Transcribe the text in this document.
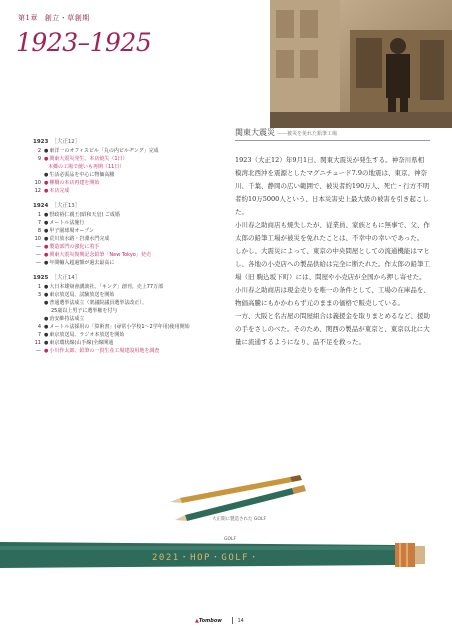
第1章 創立・草創期
1923–1925
1923 ［大正12］
2	● 東洋一のオフィスビル「丸の内ビルヂング」完成
9	● 関東大震災発生。本店焼失（1日）
本郷の工場で焼いも再開（11日）
● 生活必需品を中心に物価高騰
10	● 柳橋の本店再建を開始
12	● 本店完成
1924 ［大正13］
1	● 摂政裕仁親王(昭和天皇) ご成婚
7	● メートル法施行
8	● 甲子園球場オープン
10	● 荒川放水路・岩淵水門完成
—	● 製造部門の強化に着手
—	● 関東大震災復興記念鉛筆「New Tokyo」発売
—	● 年間輸入超過額が過去最高に
1925 ［大正14］
1	● 大日本雄辯會講談社、「キング」創刊。売上77万部
3	● 東京放送局、試験放送を開始
● 普通選挙法成立（衆議院議員選挙法改正）。
25歳以上男子に選挙権を付与
● 治安維持法成立
4	● メートル法採用の「算術書」(尋常小学校1～2学年用)使用開始
7	● 東京放送局、ラジオ本放送を開始
11	● 東京環状線(山手線)全線開通
—	● 小川作太郎、鉛筆の一貫生産工場建設用地を調査
関東大震災 ——被災を免れた鉛筆工場

1923（大正12）年9月1日、関東大震災が発生する。神奈川県相模湾北西沖を震源としたマグニチュード7.9の地震は、東京、神奈川、千葉、静岡の広い範囲で、被災者約190万人、死亡・行方不明者約10万5000人という、日本災害史上最大級の被害を引き起こした。

小川春之助商店も焼失したが、従業員、家族ともに無事で、父、作太郎の鉛筆工場が被災を免れたことは、不幸中の幸いであった。

しかし、大震災によって、東京の中央問屋としての流通機能はマヒし、各地の小売店への製品供給は完全に断たれた。作太郎の鉛筆工場（旧 駒込坂下町）には、問屋や小売店が全国から押し寄せた。小川春之助商店は現金売りを唯一の条件として、工場の在庫品を、物価高騰にもかかわらず元のままの価格で販売している。

一方、大阪と名古屋の問屋組合は義援金を取りまとめるなど、援助の手をさしのべた。そのため、関西の製品が東京と、東京以北に大量に流通するようになり、品不足を救った。

2021・HOP・GOLF・
大正期に製造された GOLF
GOLF
▲Tombow	14
